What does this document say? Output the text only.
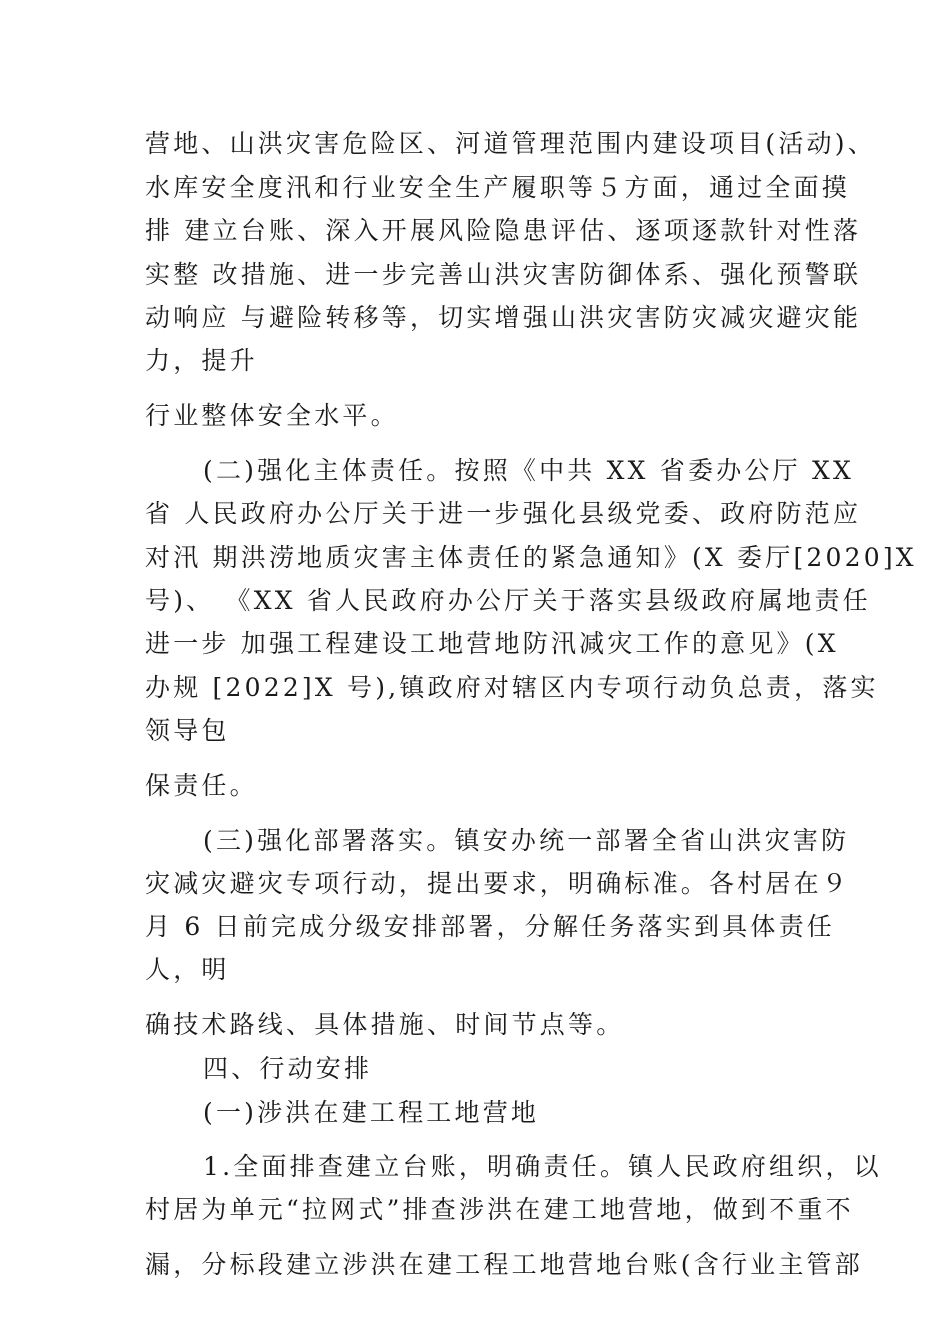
营地、山洪灾害危险区、河道管理范围内建设项目(活动)、
水库安全度汛和行业安全生产履职等５方面，通过全面摸
排 建立台账、深入开展风险隐患评估、逐项逐款针对性落
实整 改措施、进一步完善山洪灾害防御体系、强化预警联
动响应 与避险转移等，切实增强山洪灾害防灾减灾避灾能
力，提升
行业整体安全水平。
(二)强化主体责任。按照《中共 XX 省委办公厅 XX
省 人民政府办公厅关于进一步强化县级党委、政府防范应
对汛 期洪涝地质灾害主体责任的紧急通知》(X 委厅[2020]X
号)、 《XX 省人民政府办公厅关于落实县级政府属地责任
进一步 加强工程建设工地营地防汛减灾工作的意见》(X
办规 [2022]X 号),镇政府对辖区内专项行动负总责，落实
领导包
保责任。
(三)强化部署落实。镇安办统一部署全省山洪灾害防
灾减灾避灾专项行动，提出要求，明确标准。各村居在９
月 6 日前完成分级安排部署，分解任务落实到具体责任
人，明
确技术路线、具体措施、时间节点等。
四、行动安排
(一)涉洪在建工程工地营地
1.全面排查建立台账，明确责任。镇人民政府组织，以
村居为单元“拉网式”排查涉洪在建工地营地，做到不重不
漏，分标段建立涉洪在建工程工地营地台账(含行业主管部
